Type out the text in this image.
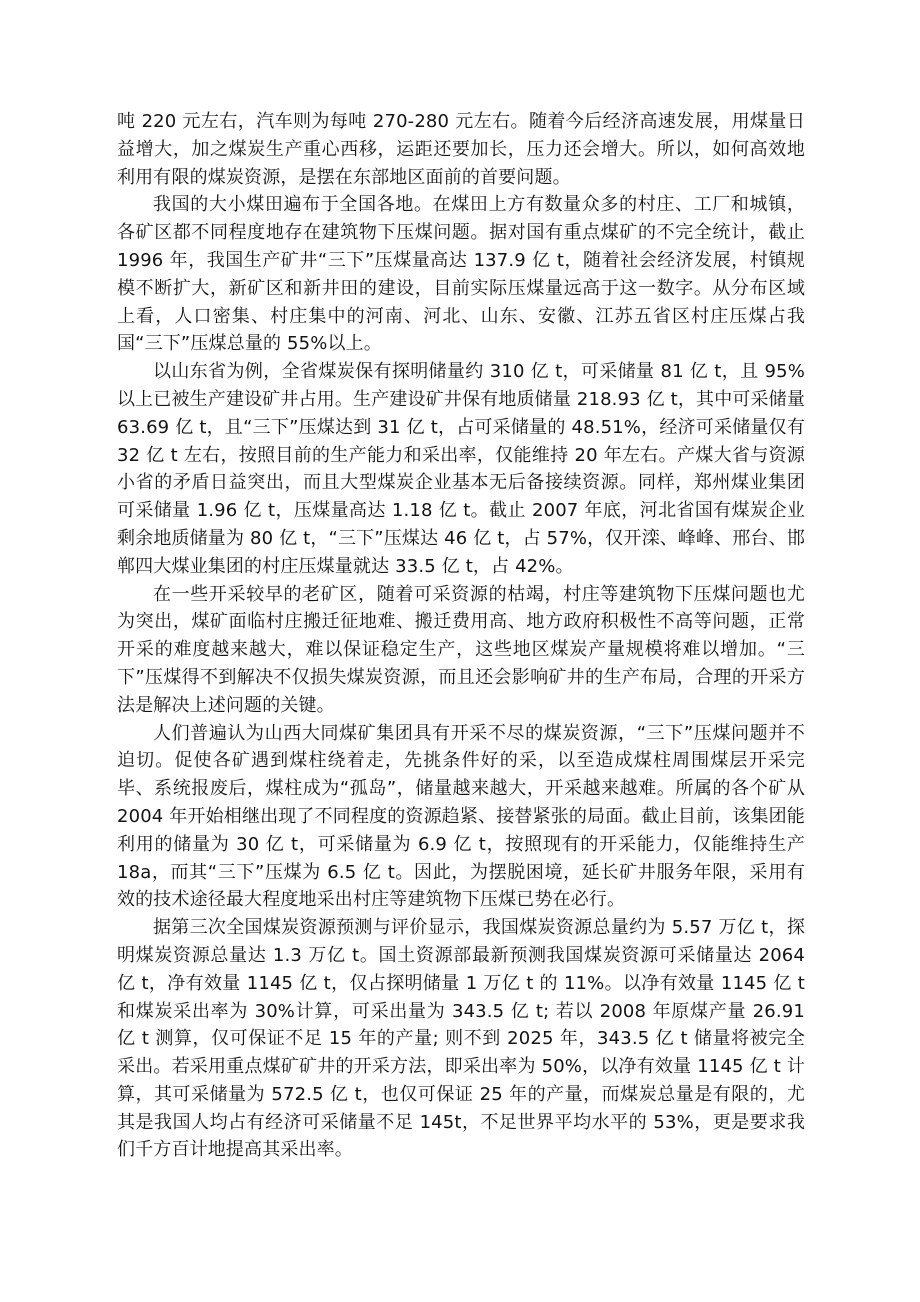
吨 220 元左右，汽车则为每吨 270-280 元左右。随着今后经济高速发展，用煤量日益增大，加之煤炭生产重心西移，运距还要加长，压力还会增大。所以，如何高效地利用有限的煤炭资源，是摆在东部地区面前的首要问题。

我国的大小煤田遍布于全国各地。在煤田上方有数量众多的村庄、工厂和城镇，各矿区都不同程度地存在建筑物下压煤问题。据对国有重点煤矿的不完全统计，截止 1996 年，我国生产矿井“三下”压煤量高达 137.9 亿 t，随着社会经济发展，村镇规模不断扩大，新矿区和新井田的建设，目前实际压煤量远高于这一数字。从分布区域上看，人口密集、村庄集中的河南、河北、山东、安徽、江苏五省区村庄压煤占我国“三下”压煤总量的 55%以上。

以山东省为例，全省煤炭保有探明储量约 310 亿 t，可采储量 81 亿 t，且 95%以上已被生产建设矿井占用。生产建设矿井保有地质储量 218.93 亿 t，其中可采储量 63.69 亿 t，且“三下”压煤达到 31 亿 t，占可采储量的 48.51%，经济可采储量仅有 32 亿 t 左右，按照目前的生产能力和采出率，仅能维持 20 年左右。产煤大省与资源小省的矛盾日益突出，而且大型煤炭企业基本无后备接续资源。同样，郑州煤业集团可采储量 1.96 亿 t，压煤量高达 1.18 亿 t。截止 2007 年底，河北省国有煤炭企业剩余地质储量为 80 亿 t，“三下”压煤达 46 亿 t，占 57%，仅开滦、峰峰、邢台、邯郸四大煤业集团的村庄压煤量就达 33.5 亿 t，占 42%。

在一些开采较早的老矿区，随着可采资源的枯竭，村庄等建筑物下压煤问题也尤为突出，煤矿面临村庄搬迁征地难、搬迁费用高、地方政府积极性不高等问题，正常开采的难度越来越大，难以保证稳定生产，这些地区煤炭产量规模将难以增加。“三下”压煤得不到解决不仅损失煤炭资源，而且还会影响矿井的生产布局，合理的开采方法是解决上述问题的关键。

人们普遍认为山西大同煤矿集团具有开采不尽的煤炭资源，“三下”压煤问题并不迫切。促使各矿遇到煤柱绕着走，先挑条件好的采，以至造成煤柱周围煤层开采完毕、系统报废后，煤柱成为“孤岛”，储量越来越大，开采越来越难。所属的各个矿从 2004 年开始相继出现了不同程度的资源趋紧、接替紧张的局面。截止目前，该集团能利用的储量为 30 亿 t，可采储量为 6.9 亿 t，按照现有的开采能力，仅能维持生产 18a，而其“三下”压煤为 6.5 亿 t。因此，为摆脱困境，延长矿井服务年限，采用有效的技术途径最大程度地采出村庄等建筑物下压煤已势在必行。

据第三次全国煤炭资源预测与评价显示，我国煤炭资源总量约为 5.57 万亿 t，探明煤炭资源总量达 1.3 万亿 t。国土资源部最新预测我国煤炭资源可采储量达 2064 亿 t，净有效量 1145 亿 t，仅占探明储量 1 万亿 t 的 11%。以净有效量 1145 亿 t 和煤炭采出率为 30%计算，可采出量为 343.5 亿 t; 若以 2008 年原煤产量 26.91 亿 t 测算，仅可保证不足 15 年的产量; 则不到 2025 年，343.5 亿 t 储量将被完全采出。若采用重点煤矿矿井的开采方法，即采出率为 50%，以净有效量 1145 亿 t 计算，其可采储量为 572.5 亿 t，也仅可保证 25 年的产量，而煤炭总量是有限的，尤其是我国人均占有经济可采储量不足 145t，不足世界平均水平的 53%，更是要求我们千方百计地提高其采出率。
